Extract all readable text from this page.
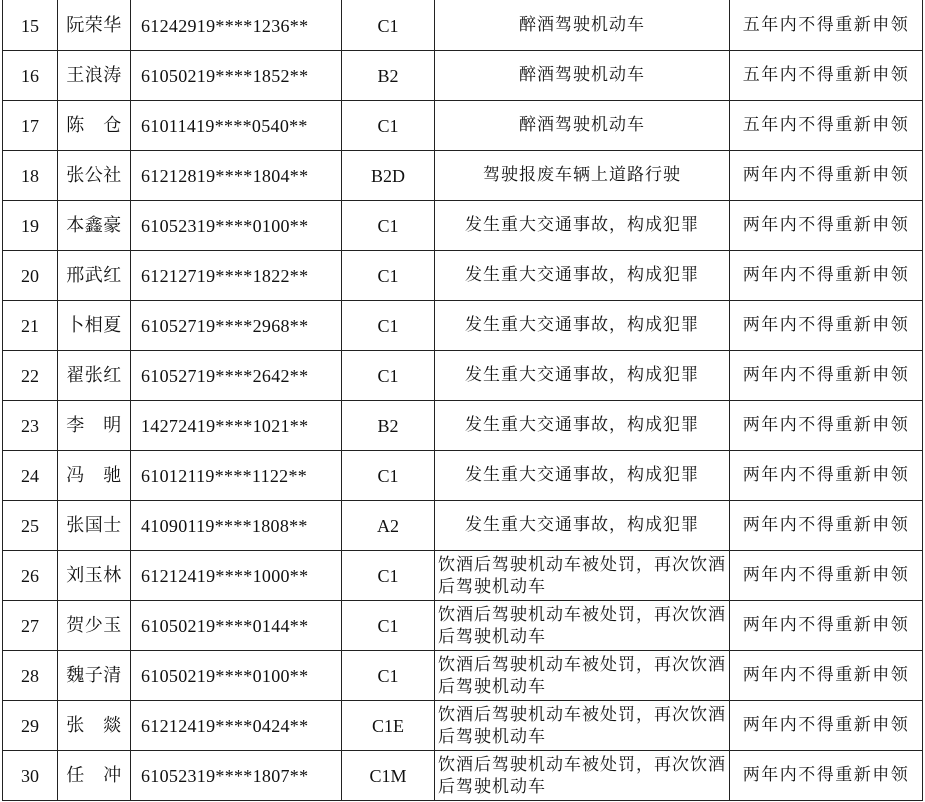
15	阮荣华	61242919****1236**	C1	醉酒驾驶机动车	五年内不得重新申领
16	王浪涛	61050219****1852**	B2	醉酒驾驶机动车	五年内不得重新申领
17	陈　仓	61011419****0540**	C1	醉酒驾驶机动车	五年内不得重新申领
18	张公社	61212819****1804**	B2D	驾驶报废车辆上道路行驶	两年内不得重新申领
19	本鑫豪	61052319****0100**	C1	发生重大交通事故，构成犯罪	两年内不得重新申领
20	邢武红	61212719****1822**	C1	发生重大交通事故，构成犯罪	两年内不得重新申领
21	卜相夏	61052719****2968**	C1	发生重大交通事故，构成犯罪	两年内不得重新申领
22	翟张红	61052719****2642**	C1	发生重大交通事故，构成犯罪	两年内不得重新申领
23	李　明	14272419****1021**	B2	发生重大交通事故，构成犯罪	两年内不得重新申领
24	冯　驰	61012119****1122**	C1	发生重大交通事故，构成犯罪	两年内不得重新申领
25	张国士	41090119****1808**	A2	发生重大交通事故，构成犯罪	两年内不得重新申领
26	刘玉林	61212419****1000**	C1	饮酒后驾驶机动车被处罚，再次饮酒后驾驶机动车	两年内不得重新申领
27	贺少玉	61050219****0144**	C1	饮酒后驾驶机动车被处罚，再次饮酒后驾驶机动车	两年内不得重新申领
28	魏子清	61050219****0100**	C1	饮酒后驾驶机动车被处罚，再次饮酒后驾驶机动车	两年内不得重新申领
29	张　燚	61212419****0424**	C1E	饮酒后驾驶机动车被处罚，再次饮酒后驾驶机动车	两年内不得重新申领
30	任　冲	61052319****1807**	C1M	饮酒后驾驶机动车被处罚，再次饮酒后驾驶机动车	两年内不得重新申领
